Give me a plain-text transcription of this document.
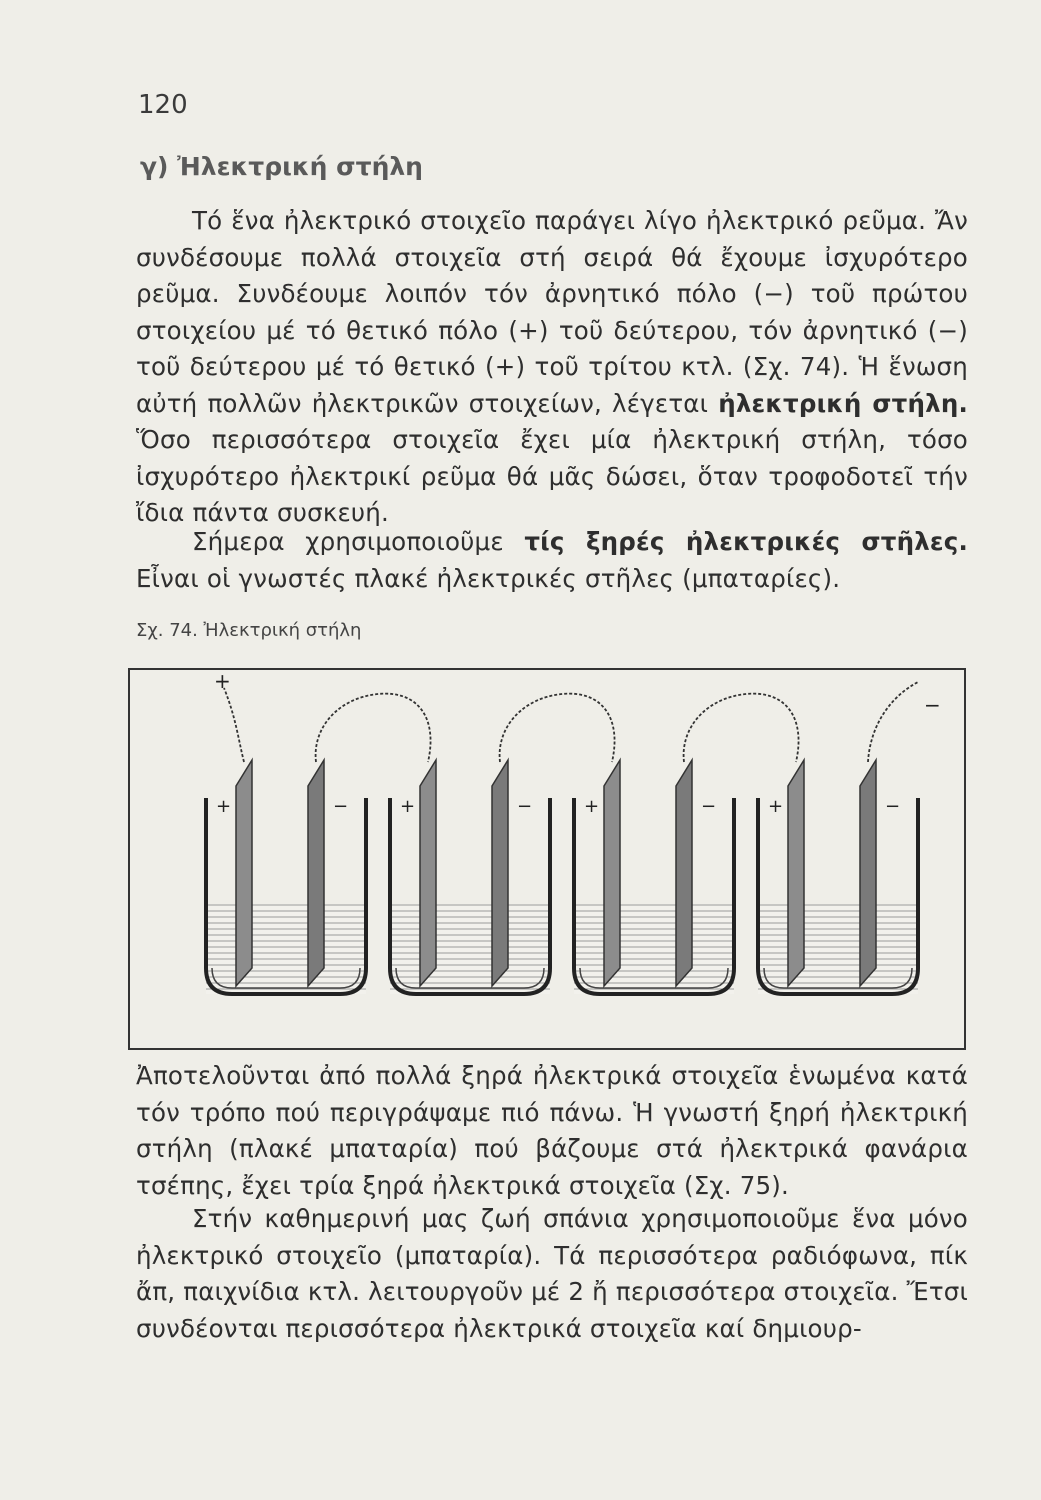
120
γ) Ἠλεκτρική στήλη

Τό ἕνα ἠλεκτρικό στοιχεῖο παράγει λίγο ἠλεκτρικό ρεῦμα. Ἄν συνδέσουμε πολλά στοιχεῖα στή σειρά θά ἔχουμε ἰσχυρότερο ρεῦμα. Συνδέουμε λοιπόν τόν ἀρνητικό πόλο (−) τοῦ πρώτου στοιχείου μέ τό θετικό πόλο (+) τοῦ δεύτερου, τόν ἀρνητικό (−) τοῦ δεύτερου μέ τό θετικό (+) τοῦ τρίτου κτλ. (Σχ. 74). Ἡ ἕνωση αὐτή πολλῶν ἠλεκτρικῶν στοιχείων, λέγεται ἠλεκτρική στήλη. Ὅσο περισσότερα στοιχεῖα ἔχει μία ἠλεκτρική στήλη, τόσο ἰσχυρότερο ἠλεκτρικί ρεῦμα θά μᾶς δώσει, ὅταν τροφοδοτεῖ τήν ἴδια πάντα συσκευή.

Σήμερα χρησιμοποιοῦμε τίς ξηρές ἠλεκτρικές στῆλες. Εἶναι οἱ γνωστές πλακέ ἠλεκτρικές στῆλες (μπαταρίες).

Σχ. 74. Ἠλεκτρική στήλη
+	−	+	−	+	−	+	−
+
−

Ἀποτελοῦνται ἀπό πολλά ξηρά ἠλεκτρικά στοιχεῖα ἑνωμένα κατά τόν τρόπο πού περιγράψαμε πιό πάνω. Ἡ γνωστή ξηρή ἠλεκτρική στήλη (πλακέ μπαταρία) πού βάζουμε στά ἠλεκτρικά φανάρια τσέπης, ἔχει τρία ξηρά ἠλεκτρικά στοιχεῖα (Σχ. 75).

Στήν καθημερινή μας ζωή σπάνια χρησιμοποιοῦμε ἕνα μόνο ἠλεκτρικό στοιχεῖο (μπαταρία). Τά περισσότερα ραδιόφωνα, πίκ ἄπ, παιχνίδια κτλ. λειτουργοῦν μέ 2 ἤ περισσότερα στοιχεῖα. Ἔτσι συνδέονται περισσότερα ἠλεκτρικά στοιχεῖα καί δημιουρ-
